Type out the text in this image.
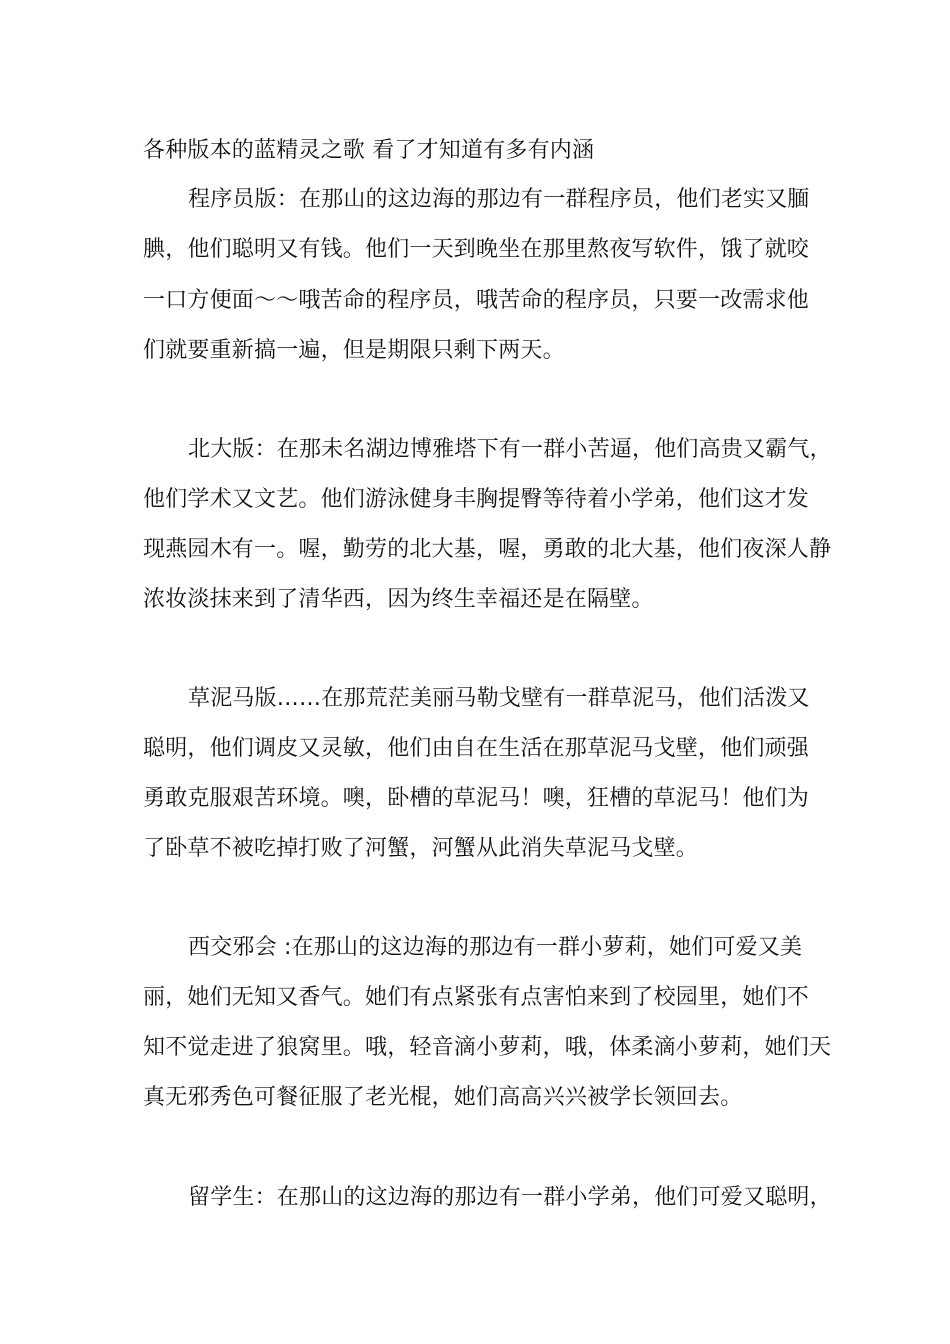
各种版本的蓝精灵之歌 看了才知道有多有内涵
程序员版：在那山的这边海的那边有一群程序员，他们老实又腼
腆，他们聪明又有钱。他们一天到晚坐在那里熬夜写软件，饿了就咬
一口方便面～～哦苦命的程序员，哦苦命的程序员，只要一改需求他
们就要重新搞一遍，但是期限只剩下两天。
北大版：在那未名湖边博雅塔下有一群小苦逼，他们高贵又霸气，
他们学术又文艺。他们游泳健身丰胸提臀等待着小学弟，他们这才发
现燕园木有一。喔，勤劳的北大基，喔，勇敢的北大基，他们夜深人静
浓妆淡抹来到了清华西，因为终生幸福还是在隔壁。
草泥马版……在那荒茫美丽马勒戈壁有一群草泥马，他们活泼又
聪明，他们调皮又灵敏，他们由自在生活在那草泥马戈壁，他们顽强
勇敢克服艰苦环境。噢，卧槽的草泥马！噢，狂槽的草泥马！他们为
了卧草不被吃掉打败了河蟹，河蟹从此消失草泥马戈壁。
西交邪会 :在那山的这边海的那边有一群小萝莉，她们可爱又美
丽，她们无知又香气。她们有点紧张有点害怕来到了校园里，她们不
知不觉走进了狼窝里。哦，轻音滴小萝莉，哦，体柔滴小萝莉，她们天
真无邪秀色可餐征服了老光棍，她们高高兴兴被学长领回去。
留学生：在那山的这边海的那边有一群小学弟，他们可爱又聪明，
